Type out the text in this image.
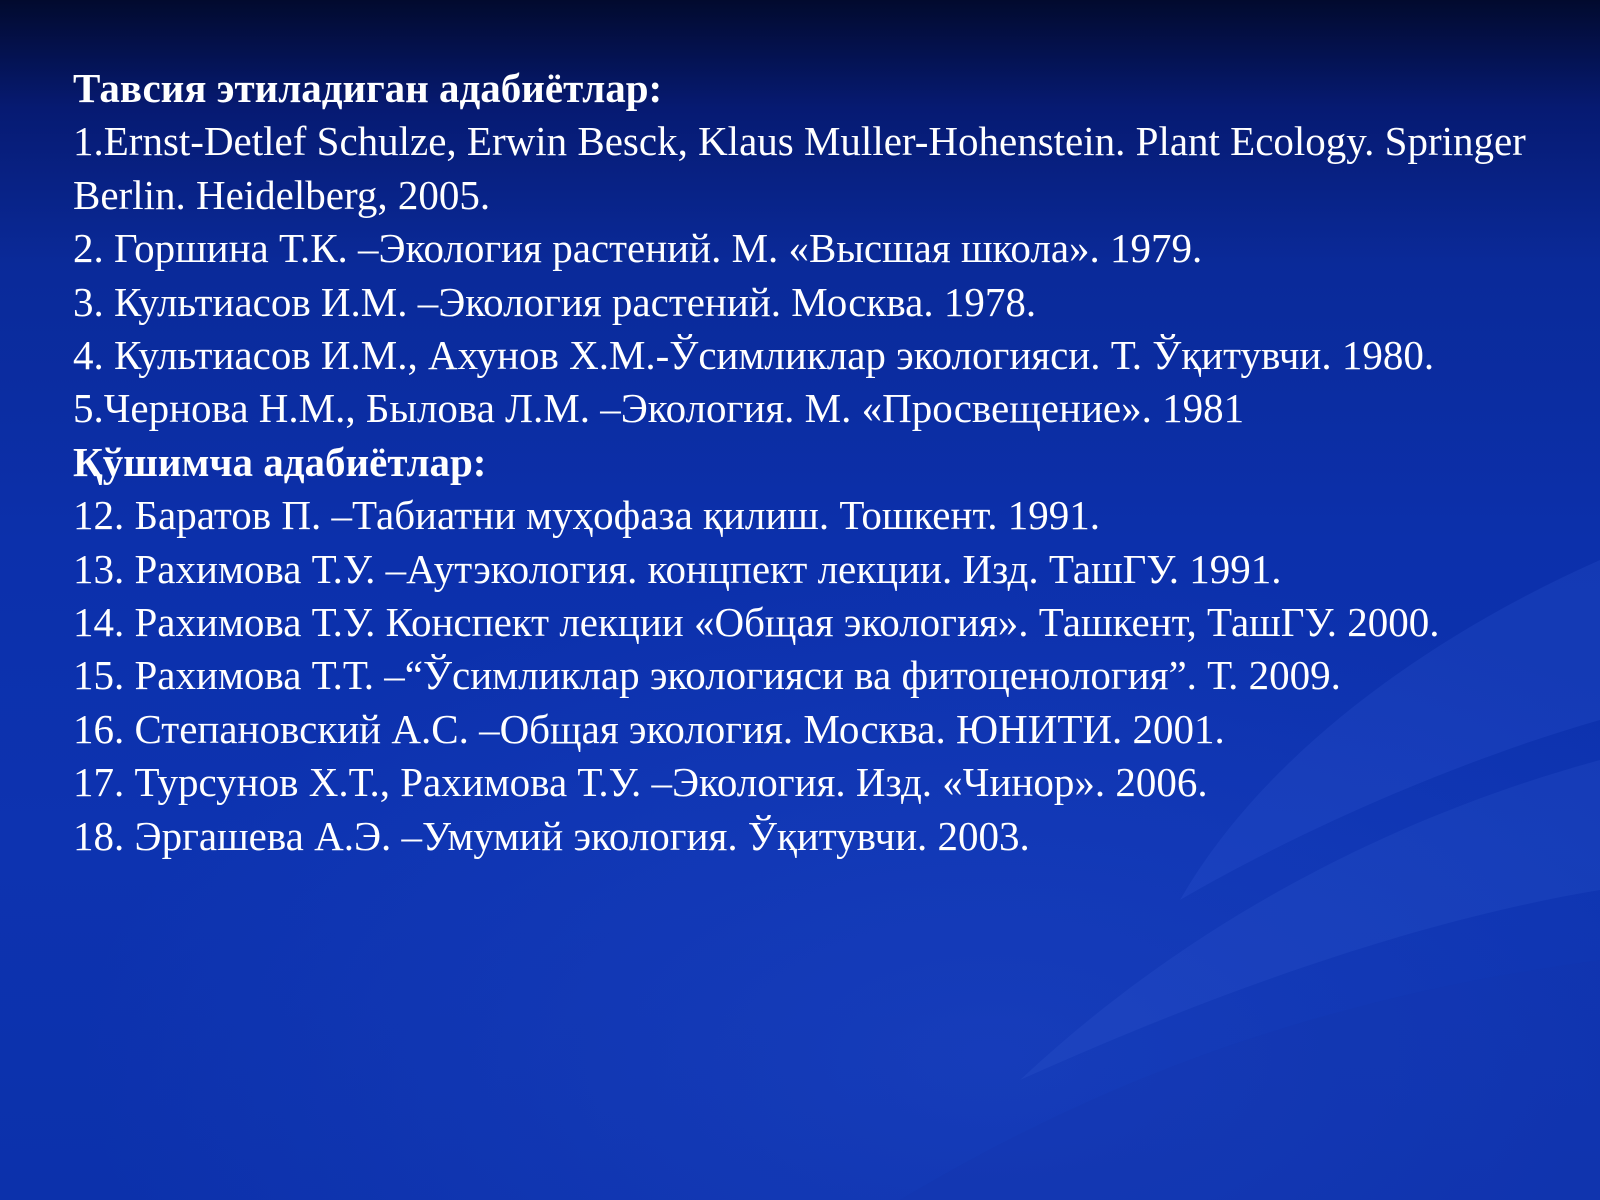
Тавсия этиладиган адабиётлар:

1.Ernst-Detlef Schulze, Erwin Besck, Klaus Muller-Hohenstein. Plant Ecology. Springer Berlin. Heidelberg, 2005.

2. Горшина Т.К. –Экология растений. М. «Высшая школа». 1979.

3. Культиасов И.М. –Экология растений. Москва. 1978.

4. Культиасов И.М., Ахунов Х.М.-Ўсимликлар экологияси. Т. Ўқитувчи. 1980.

5.Чернова Н.М., Былова Л.М. –Экология. М. «Просвещение». 1981

Қўшимча адабиётлар:

12. Баратов П. –Табиатни муҳофаза қилиш. Тошкент. 1991.

13. Рахимова Т.У. –Аутэкология. концпект лекции. Изд. ТашГУ. 1991.

14. Рахимова Т.У. Конспект лекции «Общая экология». Ташкент, ТашГУ. 2000.

15. Рахимова Т.Т. –“Ўсимликлар экологияси ва фитоценология”. Т. 2009.

16. Степановский А.С. –Общая экология. Москва. ЮНИТИ. 2001.

17. Турсунов Х.Т., Рахимова Т.У. –Экология. Изд. «Чинор». 2006.

18. Эргашева А.Э. –Умумий экология. Ўқитувчи. 2003.
